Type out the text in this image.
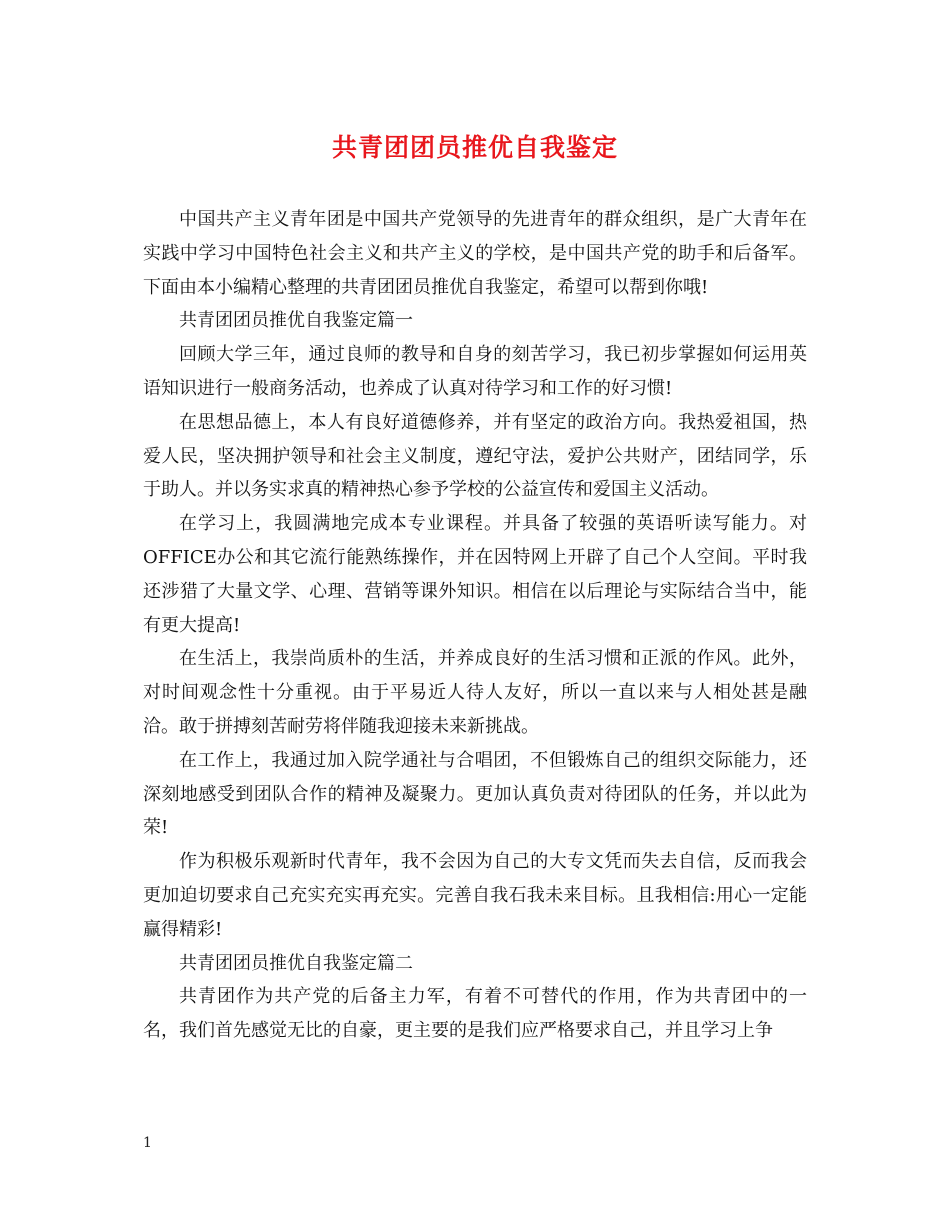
共青团团员推优自我鉴定

中国共产主义青年团是中国共产党领导的先进青年的群众组织，是广大青年在实践中学习中国特色社会主义和共产主义的学校，是中国共产党的助手和后备军。下面由本小编精心整理的共青团团员推优自我鉴定，希望可以帮到你哦!

共青团团员推优自我鉴定篇一

回顾大学三年，通过良师的教导和自身的刻苦学习，我已初步掌握如何运用英语知识进行一般商务活动，也养成了认真对待学习和工作的好习惯!

在思想品德上，本人有良好道德修养，并有坚定的政治方向。我热爱祖国，热爱人民，坚决拥护领导和社会主义制度，遵纪守法，爱护公共财产，团结同学，乐于助人。并以务实求真的精神热心参予学校的公益宣传和爱国主义活动。

在学习上，我圆满地完成本专业课程。并具备了较强的英语听读写能力。对OFFICE办公和其它流行能熟练操作，并在因特网上开辟了自己个人空间。平时我还涉猎了大量文学、心理、营销等课外知识。相信在以后理论与实际结合当中，能有更大提高!

在生活上，我崇尚质朴的生活，并养成良好的生活习惯和正派的作风。此外，对时间观念性十分重视。由于平易近人待人友好，所以一直以来与人相处甚是融洽。敢于拼搏刻苦耐劳将伴随我迎接未来新挑战。

在工作上，我通过加入院学通社与合唱团，不但锻炼自己的组织交际能力，还深刻地感受到团队合作的精神及凝聚力。更加认真负责对待团队的任务，并以此为荣!

作为积极乐观新时代青年，我不会因为自己的大专文凭而失去自信，反而我会更加迫切要求自己充实充实再充实。完善自我石我未来目标。且我相信:用心一定能赢得精彩!

共青团团员推优自我鉴定篇二

共青团作为共产党的后备主力军，有着不可替代的作用，作为共青团中的一名，我们首先感觉无比的自豪，更主要的是我们应严格要求自己，并且学习上争

1
